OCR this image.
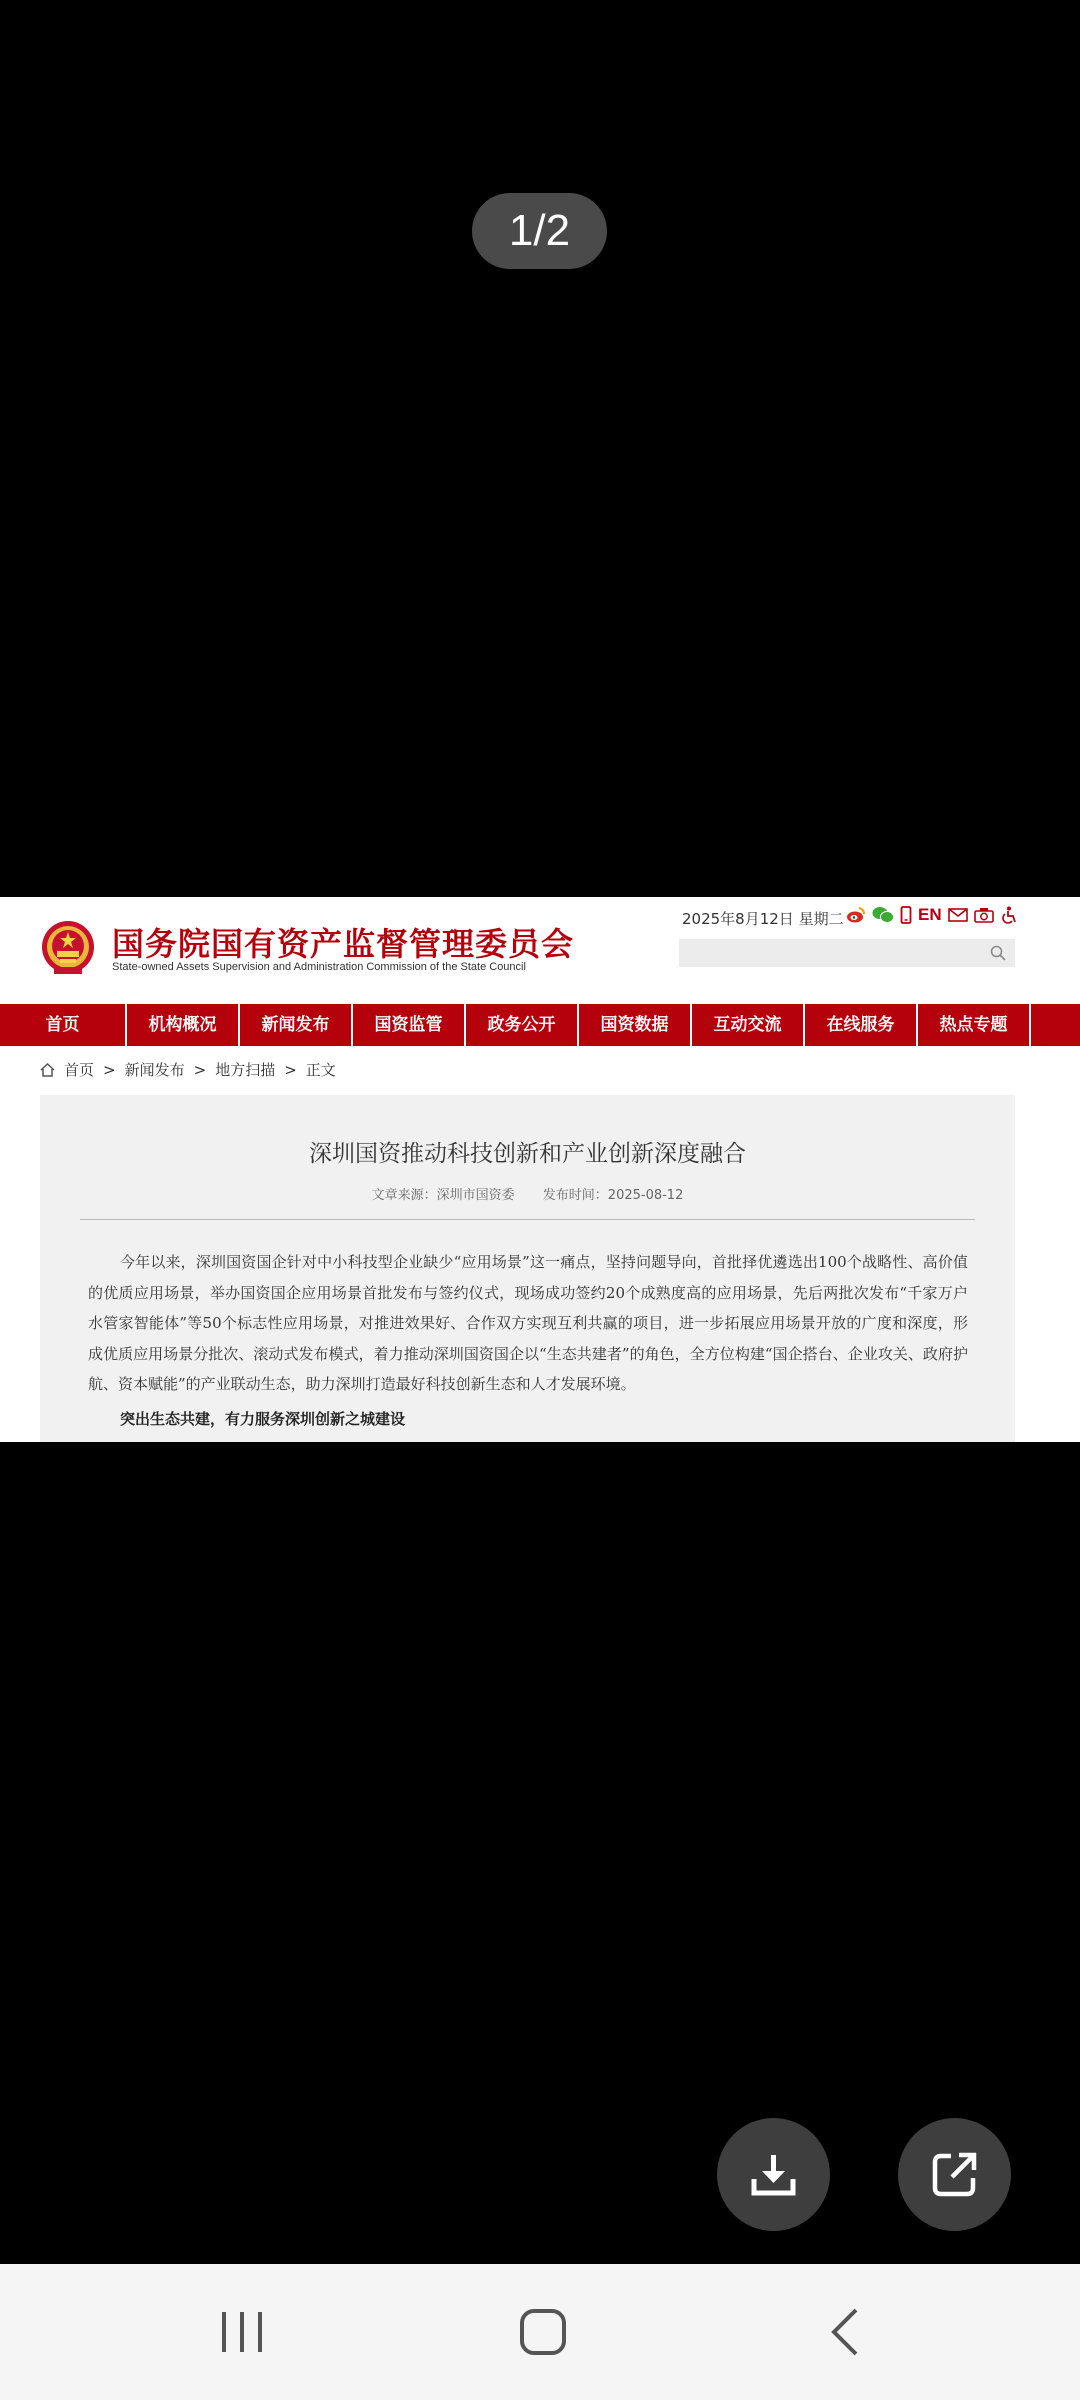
1/2
国务院国有资产监督管理委员会
State-owned Assets Supervision and Administration Commission of the State Council
2025年8月12日 星期二	EN
首页	机构概况	新闻发布	国资监管	政务公开	国资数据	互动交流	在线服务	热点专题
首页 > 新闻发布 > 地方扫描 > 正文
深圳国资推动科技创新和产业创新深度融合
文章来源：深圳市国资委 发布时间：2025-08-12
今年以来，深圳国资国企针对中小科技型企业缺少“应用场景”这一痛点，坚持问题导向，首批择优遴选出100个战略性、高价值的优质应用场景，举办国资国企应用场景首批发布与签约仪式，现场成功签约20个成熟度高的应用场景，先后两批次发布“千家万户水管家智能体”等50个标志性应用场景，对推进效果好、合作双方实现互利共赢的项目，进一步拓展应用场景开放的广度和深度，形成优质应用场景分批次、滚动式发布模式，着力推动深圳国资国企以“生态共建者”的角色，全方位构建“国企搭台、企业攻关、政府护航、资本赋能”的产业联动生态，助力深圳打造最好科技创新生态和人才发展环境。
突出生态共建，有力服务深圳创新之城建设
